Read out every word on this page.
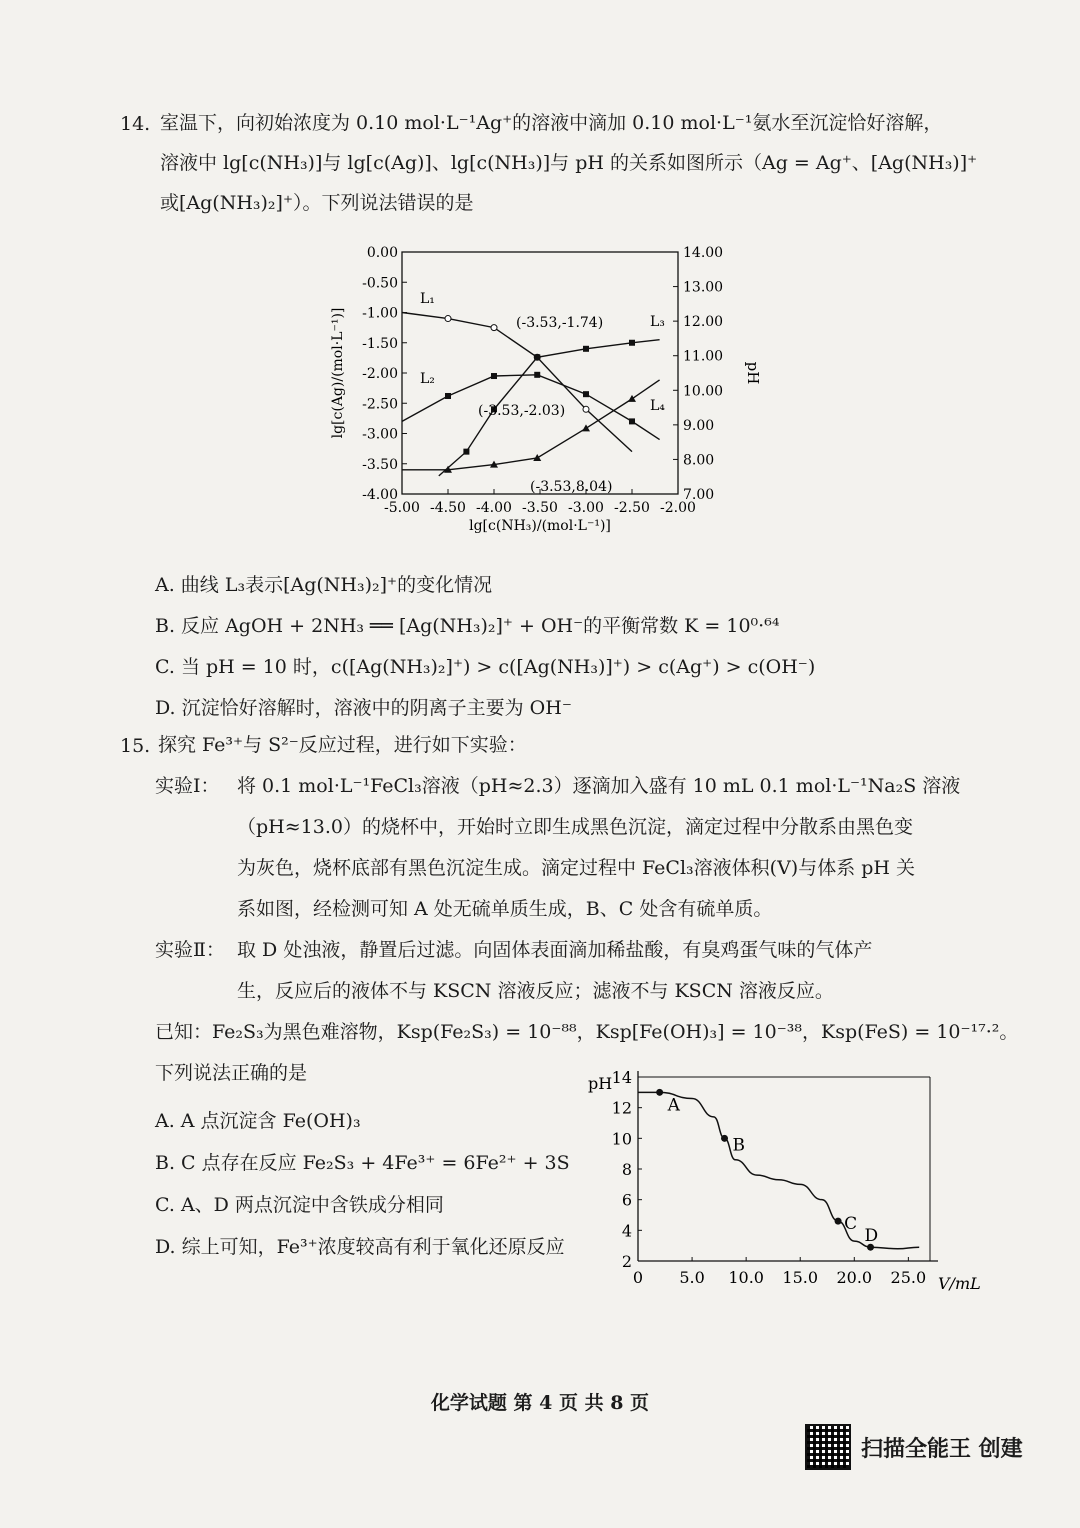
14. 室温下，向初始浓度为 0.10 mol·L⁻¹Ag⁺的溶液中滴加 0.10 mol·L⁻¹氨水至沉淀恰好溶解，
溶液中 lg[c(NH₃)]与 lg[c(Ag)]、lg[c(NH₃)]与 pH 的关系如图所示（Ag = Ag⁺、[Ag(NH₃)]⁺
或[Ag(NH₃)₂]⁺）。下列说法错误的是
-5.00 -4.50 -4.00 -3.50 -3.00 -2.50 -2.00
0.00
-0.50
-1.00
-1.50
-2.00
-2.50
-3.00
-3.50
-4.00
14.00
13.00
12.00
11.00
10.00
9.00
8.00
7.00
lg[c(NH₃)/(mol·L⁻¹)]
lg[c(Ag)/(mol·L⁻¹)]	pH
L₁
L₂
L₃
L₄
(-3.53,-1.74)
(-3.53,-2.03)
(-3.53,8.04)
A. 曲线 L₃表示[Ag(NH₃)₂]⁺的变化情况
B. 反应 AgOH + 2NH₃ ══ [Ag(NH₃)₂]⁺ + OH⁻的平衡常数 K = 10⁰·⁶⁴
C. 当 pH = 10 时，c([Ag(NH₃)₂]⁺) > c([Ag(NH₃)]⁺) > c(Ag⁺) > c(OH⁻)
D. 沉淀恰好溶解时，溶液中的阴离子主要为 OH⁻
15. 探究 Fe³⁺与 S²⁻反应过程，进行如下实验：
实验Ⅰ： 将 0.1 mol·L⁻¹FeCl₃溶液（pH≈2.3）逐滴加入盛有 10 mL 0.1 mol·L⁻¹Na₂S 溶液
（pH≈13.0）的烧杯中，开始时立即生成黑色沉淀，滴定过程中分散系由黑色变
为灰色，烧杯底部有黑色沉淀生成。滴定过程中 FeCl₃溶液体积(V)与体系 pH 关
系如图，经检测可知 A 处无硫单质生成，B、C 处含有硫单质。
实验Ⅱ： 取 D 处浊液，静置后过滤。向固体表面滴加稀盐酸，有臭鸡蛋气味的气体产
生，反应后的液体不与 KSCN 溶液反应；滤液不与 KSCN 溶液反应。
已知：Fe₂S₃为黑色难溶物，Ksp(Fe₂S₃) = 10⁻⁸⁸，Ksp[Fe(OH)₃] = 10⁻³⁸，Ksp(FeS) = 10⁻¹⁷·²。
下列说法正确的是
A. A 点沉淀含 Fe(OH)₃
B. C 点存在反应 Fe₂S₃ + 4Fe³⁺ = 6Fe²⁺ + 3S
C. A、D 两点沉淀中含铁成分相同
D. 综上可知，Fe³⁺浓度较高有利于氧化还原反应
0 5.0 10.0 15.0 20.0 25.0 V/mL
14
12
10
8
6
4
2
pH
A
B
C
D
化学试题 第 4 页 共 8 页
扫描全能王 创建
